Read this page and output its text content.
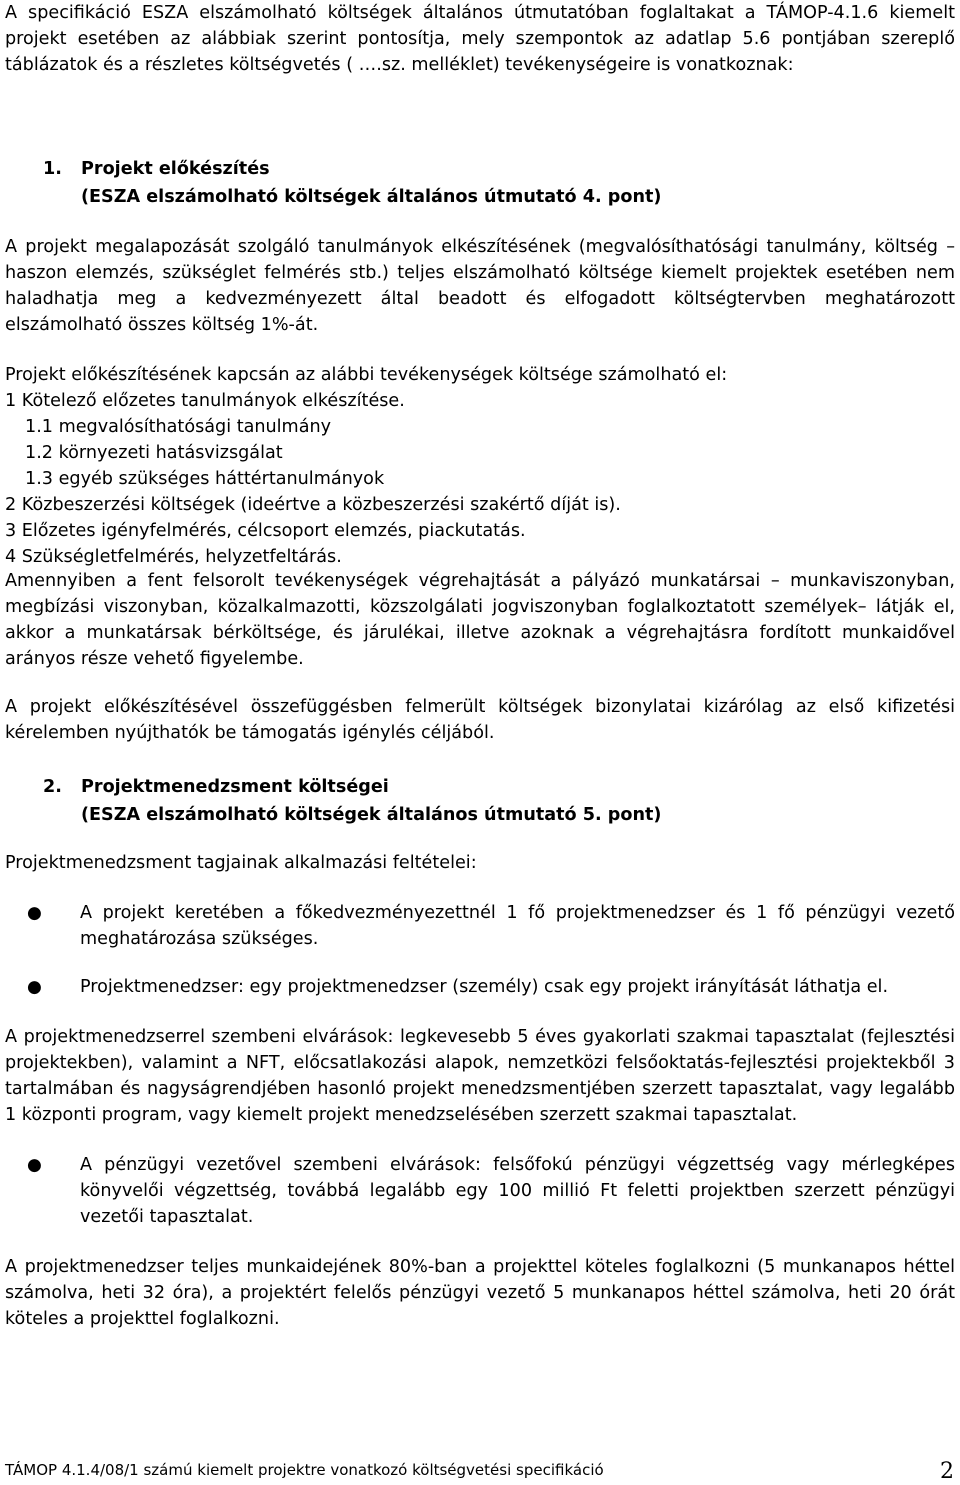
A specifikáció ESZA elszámolható költségek általános útmutatóban foglaltakat a TÁMOP-4.1.6 kiemelt projekt esetében az alábbiak szerint pontosítja, mely szempontok az adatlap 5.6 pontjában szereplő táblázatok és a részletes költségvetés ( ….sz. melléklet) tevékenységeire is vonatkoznak:

1. Projekt előkészítés
(ESZA elszámolható költségek általános útmutató 4. pont)

A projekt megalapozását szolgáló tanulmányok elkészítésének (megvalósíthatósági tanulmány, költség – haszon elemzés, szükséglet felmérés stb.) teljes elszámolható költsége kiemelt projektek esetében nem haladhatja meg a kedvezményezett által beadott és elfogadott költségtervben meghatározott elszámolható összes költség 1%-át.

Projekt előkészítésének kapcsán az alábbi tevékenységek költsége számolható el:

1 Kötelező előzetes tanulmányok elkészítése.

1.1 megvalósíthatósági tanulmány

1.2 környezeti hatásvizsgálat

1.3 egyéb szükséges háttértanulmányok

2 Közbeszerzési költségek (ideértve a közbeszerzési szakértő díját is).

3 Előzetes igényfelmérés, célcsoport elemzés, piackutatás.

4 Szükségletfelmérés, helyzetfeltárás.

Amennyiben a fent felsorolt tevékenységek végrehajtását a pályázó munkatársai – munkaviszonyban, megbízási viszonyban, közalkalmazotti, közszolgálati jogviszonyban foglalkoztatott személyek– látják el, akkor a munkatársak bérköltsége, és járulékai, illetve azoknak a végrehajtásra fordított munkaidővel arányos része vehető figyelembe.

A projekt előkészítésével összefüggésben felmerült költségek bizonylatai kizárólag az első kifizetési kérelemben nyújthatók be támogatás igénylés céljából.

2. Projektmenedzsment költségei
(ESZA elszámolható költségek általános útmutató 5. pont)

Projektmenedzsment tagjainak alkalmazási feltételei:

● A projekt keretében a főkedvezményezettnél 1 fő projektmenedzser és 1 fő pénzügyi vezető meghatározása szükséges.

● Projektmenedzser: egy projektmenedzser (személy) csak egy projekt irányítását láthatja el.

A projektmenedzserrel szembeni elvárások: legkevesebb 5 éves gyakorlati szakmai tapasztalat (fejlesztési projektekben), valamint a NFT, előcsatlakozási alapok, nemzetközi felsőoktatás-fejlesztési projektekből 3 tartalmában és nagyságrendjében hasonló projekt menedzsmentjében szerzett tapasztalat, vagy legalább 1 központi program, vagy kiemelt projekt menedzselésében szerzett szakmai tapasztalat.

● A pénzügyi vezetővel szembeni elvárások: felsőfokú pénzügyi végzettség vagy mérlegképes könyvelői végzettség, továbbá legalább egy 100 millió Ft feletti projektben szerzett pénzügyi vezetői tapasztalat.

A projektmenedzser teljes munkaidejének 80%-ban a projekttel köteles foglalkozni (5 munkanapos héttel számolva, heti 32 óra), a projektért felelős pénzügyi vezető 5 munkanapos héttel számolva, heti 20 órát köteles a projekttel foglalkozni.

TÁMOP 4.1.4/08/1 számú kiemelt projektre vonatkozó költségvetési specifikáció	2
